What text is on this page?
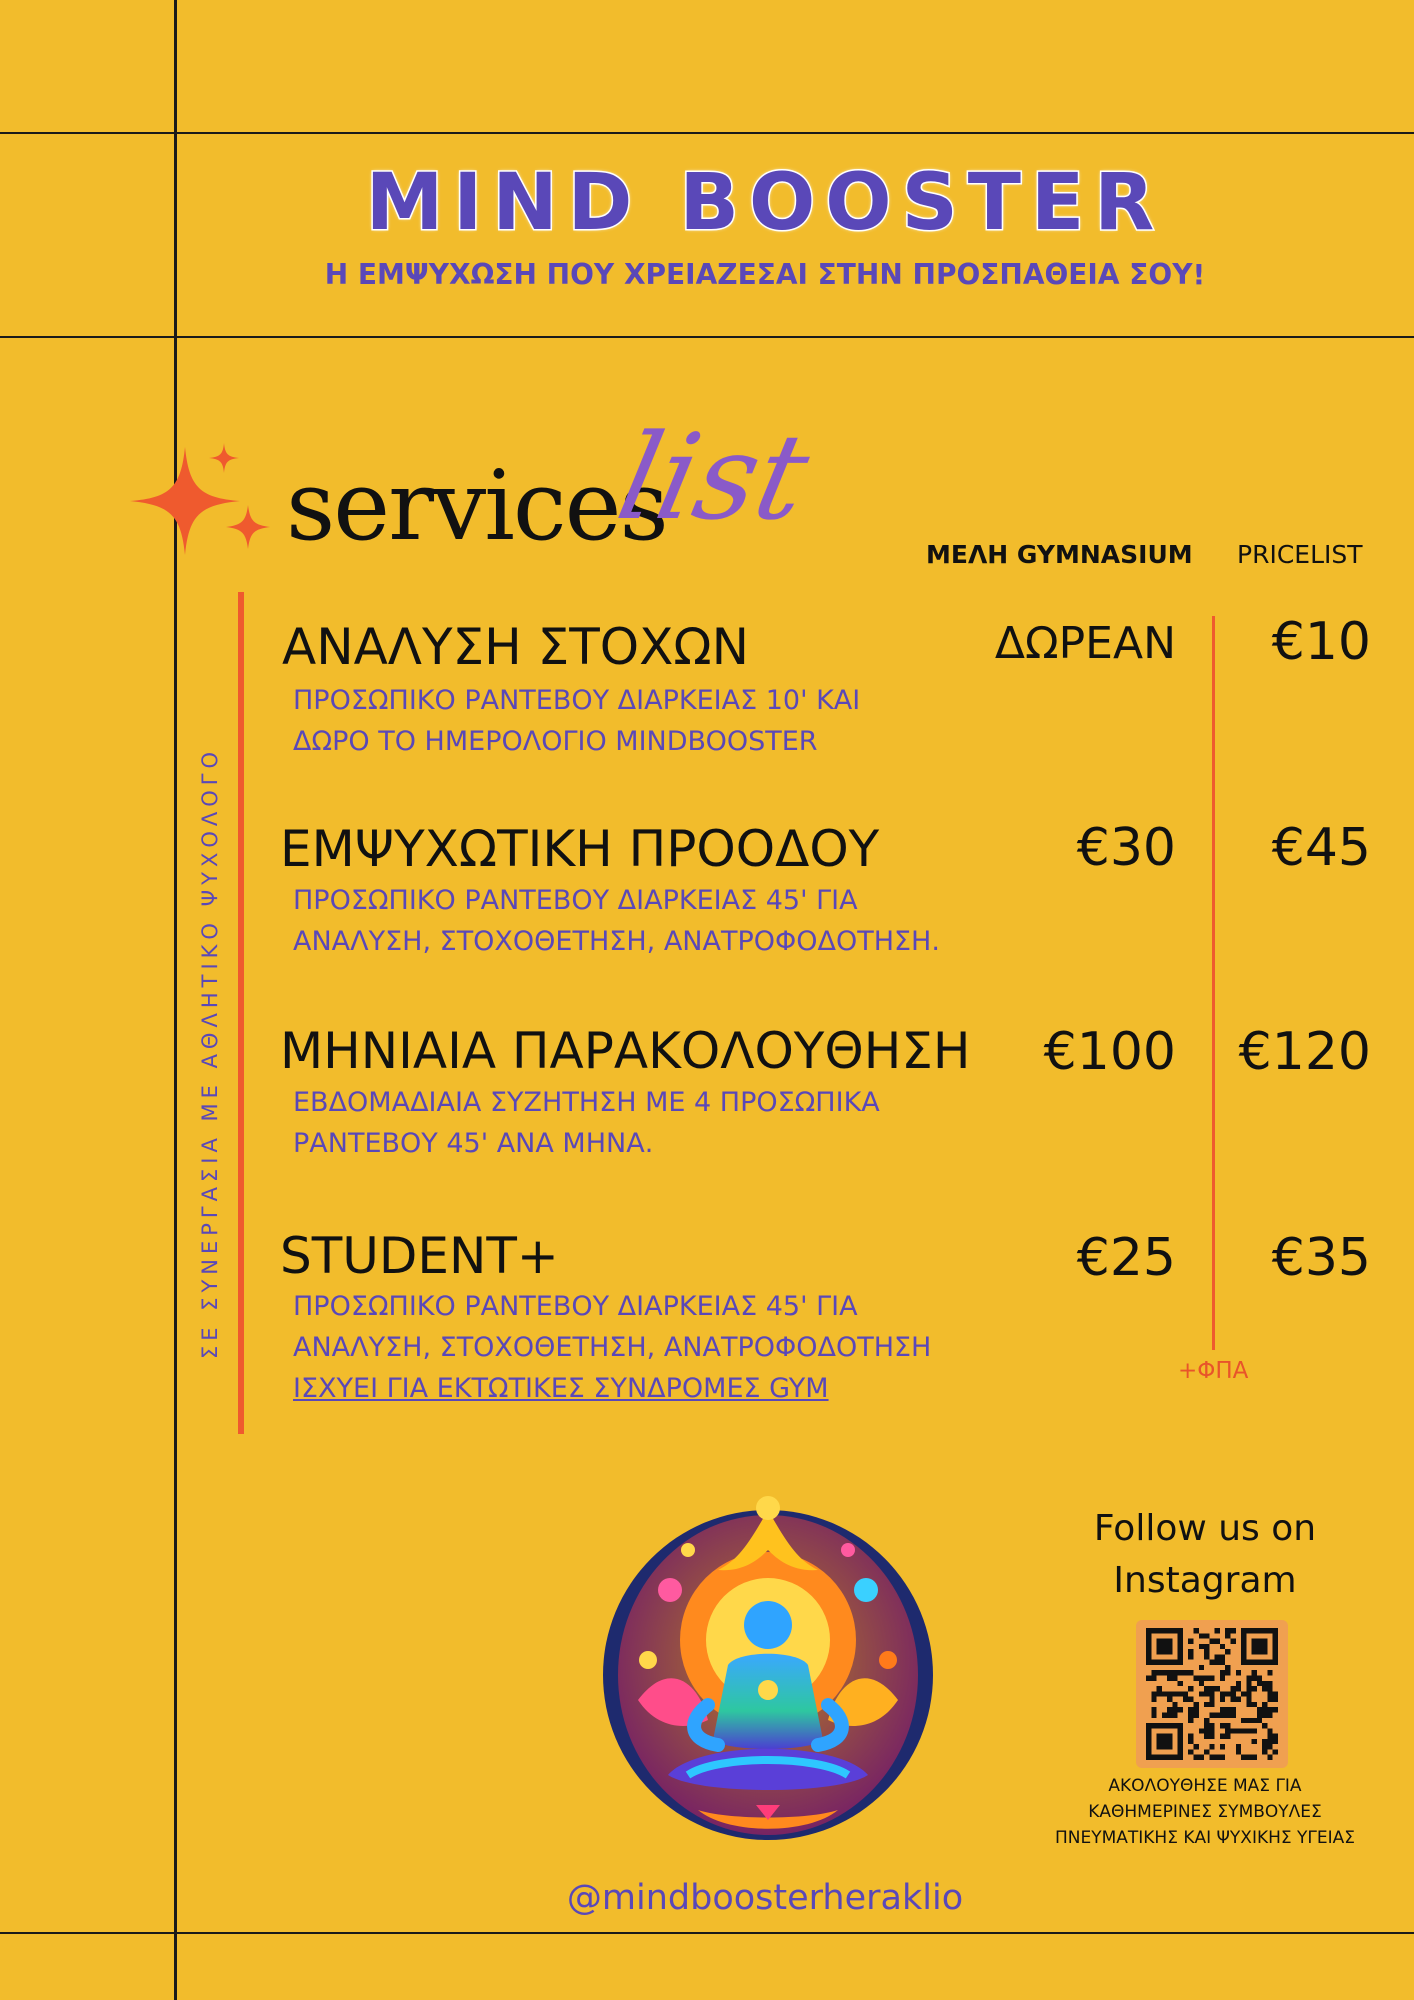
MIND BOOSTER
Η ΕΜΨΥΧΩΣΗ ΠΟΥ ΧΡΕΙΑΖΕΣΑΙ ΣΤΗΝ ΠΡΟΣΠΑΘΕΙΑ ΣΟΥ!
services
list
ΜΕΛΗ GYMNASIUM PRICELIST
ΣΕ ΣΥΝΕΡΓΑΣΙΑ ΜΕ ΑΘΛΗΤΙΚΟ ΨΥΧΟΛΟΓΟ
ΑΝΑΛΥΣΗ ΣΤΟΧΩΝ
ΠΡΟΣΩΠΙΚΟ ΡΑΝΤΕΒΟΥ ΔΙΑΡΚΕΙΑΣ 10' ΚΑΙ
ΔΩΡΟ ΤΟ ΗΜΕΡΟΛΟΓΙΟ MINDBOOSTER
ΔΩΡΕΑΝ €10
ΕΜΨΥΧΩΤΙΚΗ ΠΡΟΟΔΟΥ
ΠΡΟΣΩΠΙΚΟ ΡΑΝΤΕΒΟΥ ΔΙΑΡΚΕΙΑΣ 45' ΓΙΑ
ΑΝΑΛΥΣΗ, ΣΤΟΧΟΘΕΤΗΣΗ, ΑΝΑΤΡΟΦΟΔΟΤΗΣΗ.
€30 €45
ΜΗΝΙΑΙΑ ΠΑΡΑΚΟΛΟΥΘΗΣΗ
ΕΒΔΟΜΑΔΙΑΙΑ ΣΥΖΗΤΗΣΗ ΜΕ 4 ΠΡΟΣΩΠΙΚΑ
ΡΑΝΤΕΒΟΥ 45' ΑΝΑ ΜΗΝΑ.
€100 €120
STUDENT+
ΠΡΟΣΩΠΙΚΟ ΡΑΝΤΕΒΟΥ ΔΙΑΡΚΕΙΑΣ 45' ΓΙΑ
ΑΝΑΛΥΣΗ, ΣΤΟΧΟΘΕΤΗΣΗ, ΑΝΑΤΡΟΦΟΔΟΤΗΣΗ
ΙΣΧΥΕΙ ΓΙΑ ΕΚΤΩΤΙΚΕΣ ΣΥΝΔΡΟΜΕΣ GYM
€25 €35
+ΦΠΑ
Follow us on
Instagram
ΑΚΟΛΟΥΘΗΣΕ ΜΑΣ ΓΙΑ
ΚΑΘΗΜΕΡΙΝΕΣ ΣΥΜΒΟΥΛΕΣ
ΠΝΕΥΜΑΤΙΚΗΣ ΚΑΙ ΨΥΧΙΚΗΣ ΥΓΕΙΑΣ
@mindboosterheraklio
